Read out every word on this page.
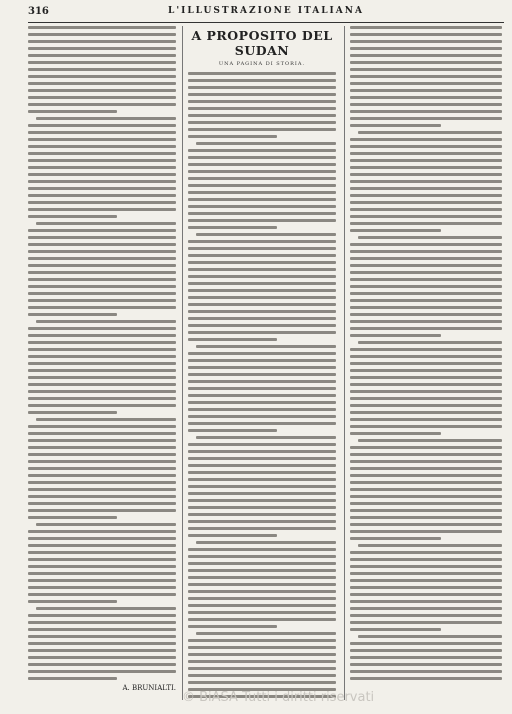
316	L'ILLUSTRAZIONE ITALIANA
A. BRUNIALTI.
A PROPOSITO DEL SUDAN
UNA PAGINA DI STORIA.
© BiASA Tutti i diritti riservati
